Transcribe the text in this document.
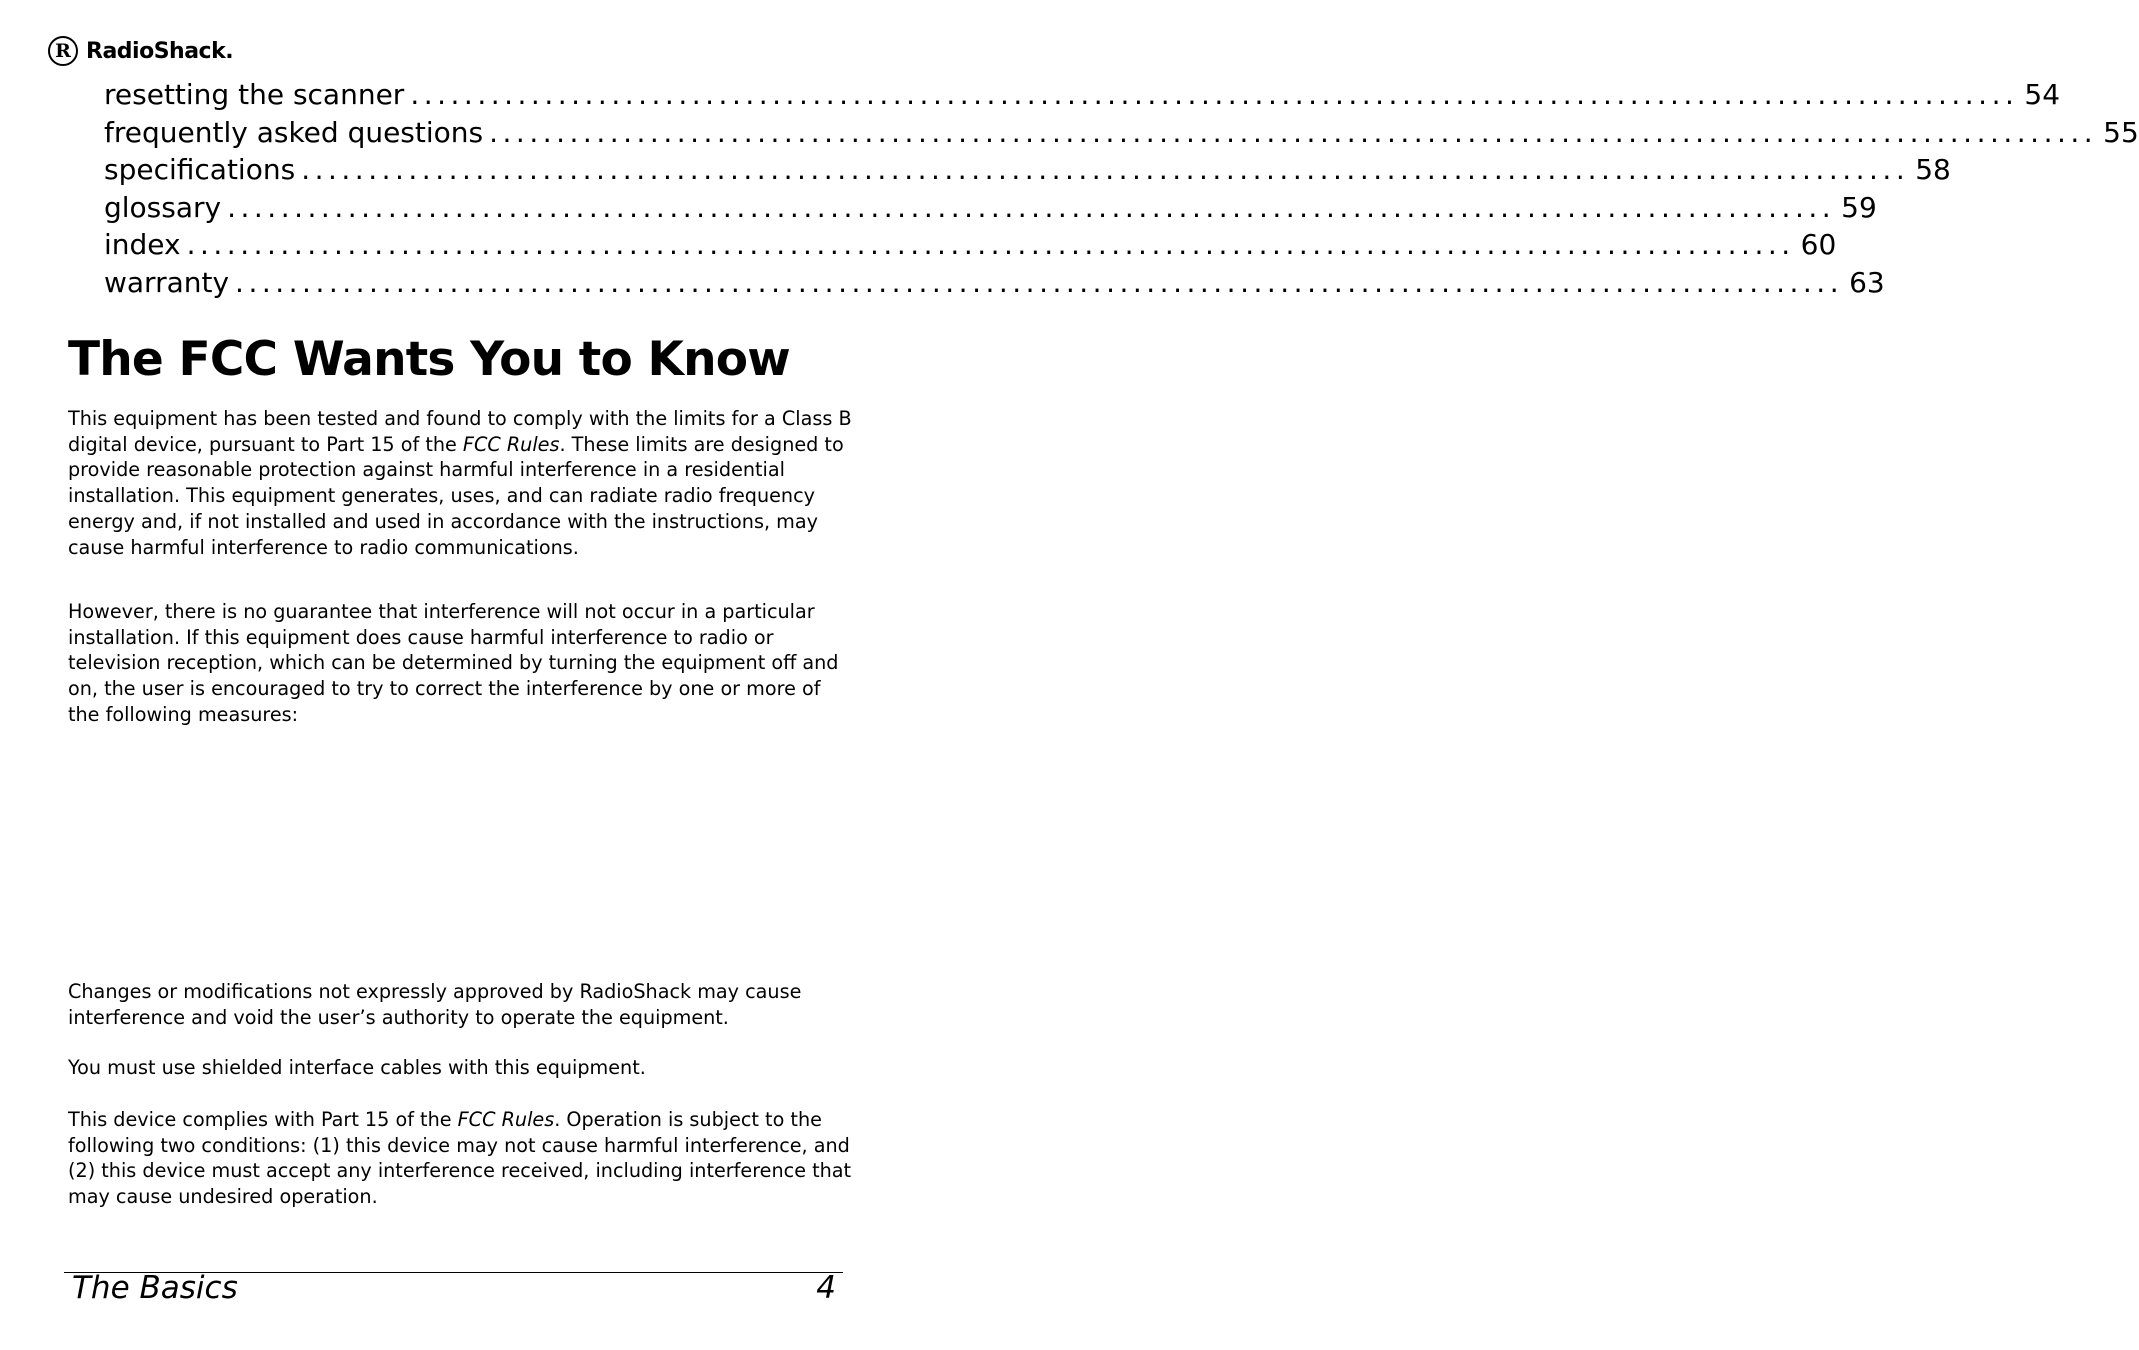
R RadioShack.
resetting the scanner ........................................................................................................................ 54
frequently asked questions ........................................................................................................................ 55
specifications ........................................................................................................................ 58
glossary ........................................................................................................................ 59
index ........................................................................................................................ 60
warranty ........................................................................................................................ 63
The FCC Wants You to Know

This equipment has been tested and found to comply with the limits for a Class B digital device, pursuant to Part 15 of the FCC Rules. These limits are designed to provide reasonable protection against harmful interference in a residential installation. This equipment generates, uses, and can radiate radio frequency energy and, if not installed and used in accordance with the instructions, may cause harmful interference to radio communications.

However, there is no guarantee that interference will not occur in a particular installation. If this equipment does cause harmful interference to radio or television reception, which can be determined by turning the equipment off and on, the user is encouraged to try to correct the interference by one or more of the following measures:

Changes or modifications not expressly approved by RadioShack may cause interference and void the user’s authority to operate the equipment.

You must use shielded interface cables with this equipment.

This device complies with Part 15 of the FCC Rules. Operation is subject to the following two conditions: (1) this device may not cause harmful interference, and (2) this device must accept any interference received, including interference that may cause undesired operation.

The Basics	4
